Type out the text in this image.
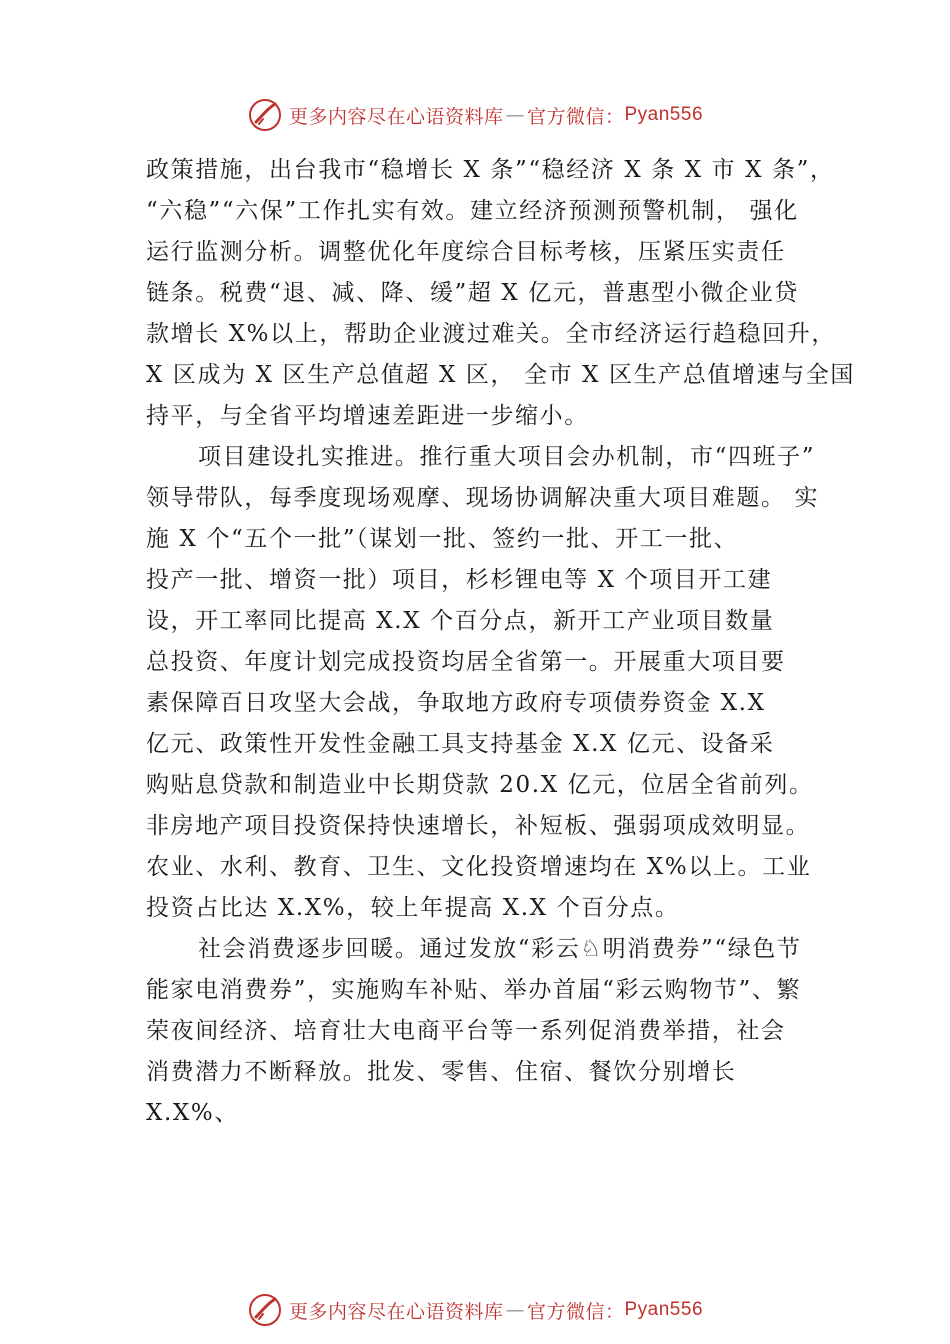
更多内容尽在心语资料库 — 官方微信： Pyan556

政策措施，出台我市“稳增长 X 条”“稳经济 X 条 X 市 X 条”，
“六稳”“六保”工作扎实有效。建立经济预测预警机制， 强化
运行监测分析。调整优化年度综合目标考核，压紧压实责任
链条。税费“退、减、降、缓”超 X 亿元，普惠型小微企业贷
款增长 X%以上，帮助企业渡过难关。全市经济运行趋稳回升，
X 区成为 X 区生产总值超 X 区， 全市 X 区生产总值增速与全国
持平，与全省平均增速差距进一步缩小。

项目建设扎实推进。推行重大项目会办机制，市“四班子”
领导带队，每季度现场观摩、现场协调解决重大项目难题。 实
施 X 个“五个一批”（谋划一批、签约一批、开工一批、
投产一批、增资一批）项目，杉杉锂电等 X 个项目开工建
设，开工率同比提高 X.X 个百分点，新开工产业项目数量
总投资、年度计划完成投资均居全省第一。开展重大项目要
素保障百日攻坚大会战，争取地方政府专项债券资金 X.X
亿元、政策性开发性金融工具支持基金 X.X 亿元、设备采
购贴息贷款和制造业中长期贷款 20.X 亿元，位居全省前列。
非房地产项目投资保持快速增长，补短板、强弱项成效明显。
农业、水利、教育、卫生、文化投资增速均在 X%以上。工业
投资占比达 X.X%，较上年提高 X.X 个百分点。

社会消费逐步回暖。通过发放“彩云♘明消费券”“绿色节
能家电消费券”，实施购车补贴、举办首届“彩云购物节”、繁
荣夜间经济、培育壮大电商平台等一系列促消费举措，社会
消费潜力不断释放。批发、零售、住宿、餐饮分别增长
X.X%、

更多内容尽在心语资料库 — 官方微信： Pyan556
